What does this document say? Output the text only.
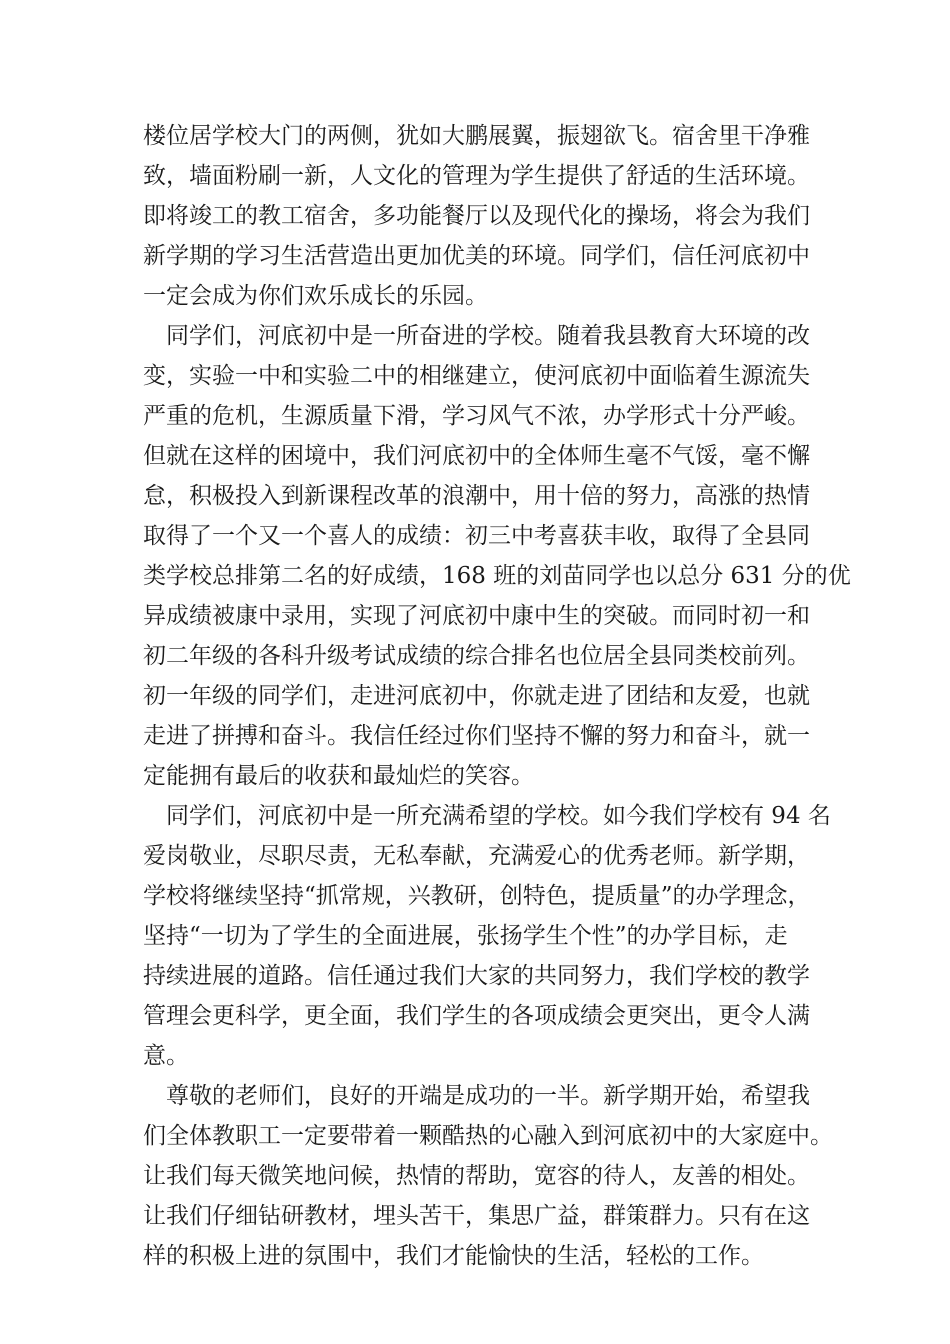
楼位居学校大门的两侧，犹如大鹏展翼，振翅欲飞。宿舍里干净雅
致，墙面粉刷一新，人文化的管理为学生提供了舒适的生活环境。
即将竣工的教工宿舍，多功能餐厅以及现代化的操场，将会为我们
新学期的学习生活营造出更加优美的环境。同学们，信任河底初中
一定会成为你们欢乐成长的乐园。

　同学们，河底初中是一所奋进的学校。随着我县教育大环境的改
变，实验一中和实验二中的相继建立，使河底初中面临着生源流失
严重的危机，生源质量下滑，学习风气不浓，办学形式十分严峻。
但就在这样的困境中，我们河底初中的全体师生毫不气馁，毫不懈
怠，积极投入到新课程改革的浪潮中，用十倍的努力，高涨的热情
取得了一个又一个喜人的成绩：初三中考喜获丰收，取得了全县同
类学校总排第二名的好成绩，168 班的刘苗同学也以总分 631 分的优
异成绩被康中录用，实现了河底初中康中生的突破。而同时初一和
初二年级的各科升级考试成绩的综合排名也位居全县同类校前列。
初一年级的同学们，走进河底初中，你就走进了团结和友爱，也就
走进了拼搏和奋斗。我信任经过你们坚持不懈的努力和奋斗，就一
定能拥有最后的收获和最灿烂的笑容。

　同学们，河底初中是一所充满希望的学校。如今我们学校有 94 名
爱岗敬业，尽职尽责，无私奉献，充满爱心的优秀老师。新学期，
学校将继续坚持“抓常规，兴教研，创特色，提质量”的办学理念，
坚持“一切为了学生的全面进展，张扬学生个性”的办学目标，走
持续进展的道路。信任通过我们大家的共同努力，我们学校的教学
管理会更科学，更全面，我们学生的各项成绩会更突出，更令人满
意。

　尊敬的老师们，良好的开端是成功的一半。新学期开始，希望我
们全体教职工一定要带着一颗酷热的心融入到河底初中的大家庭中。
让我们每天微笑地问候，热情的帮助，宽容的待人，友善的相处。
让我们仔细钻研教材，埋头苦干，集思广益，群策群力。只有在这
样的积极上进的氛围中，我们才能愉快的生活，轻松的工作。
